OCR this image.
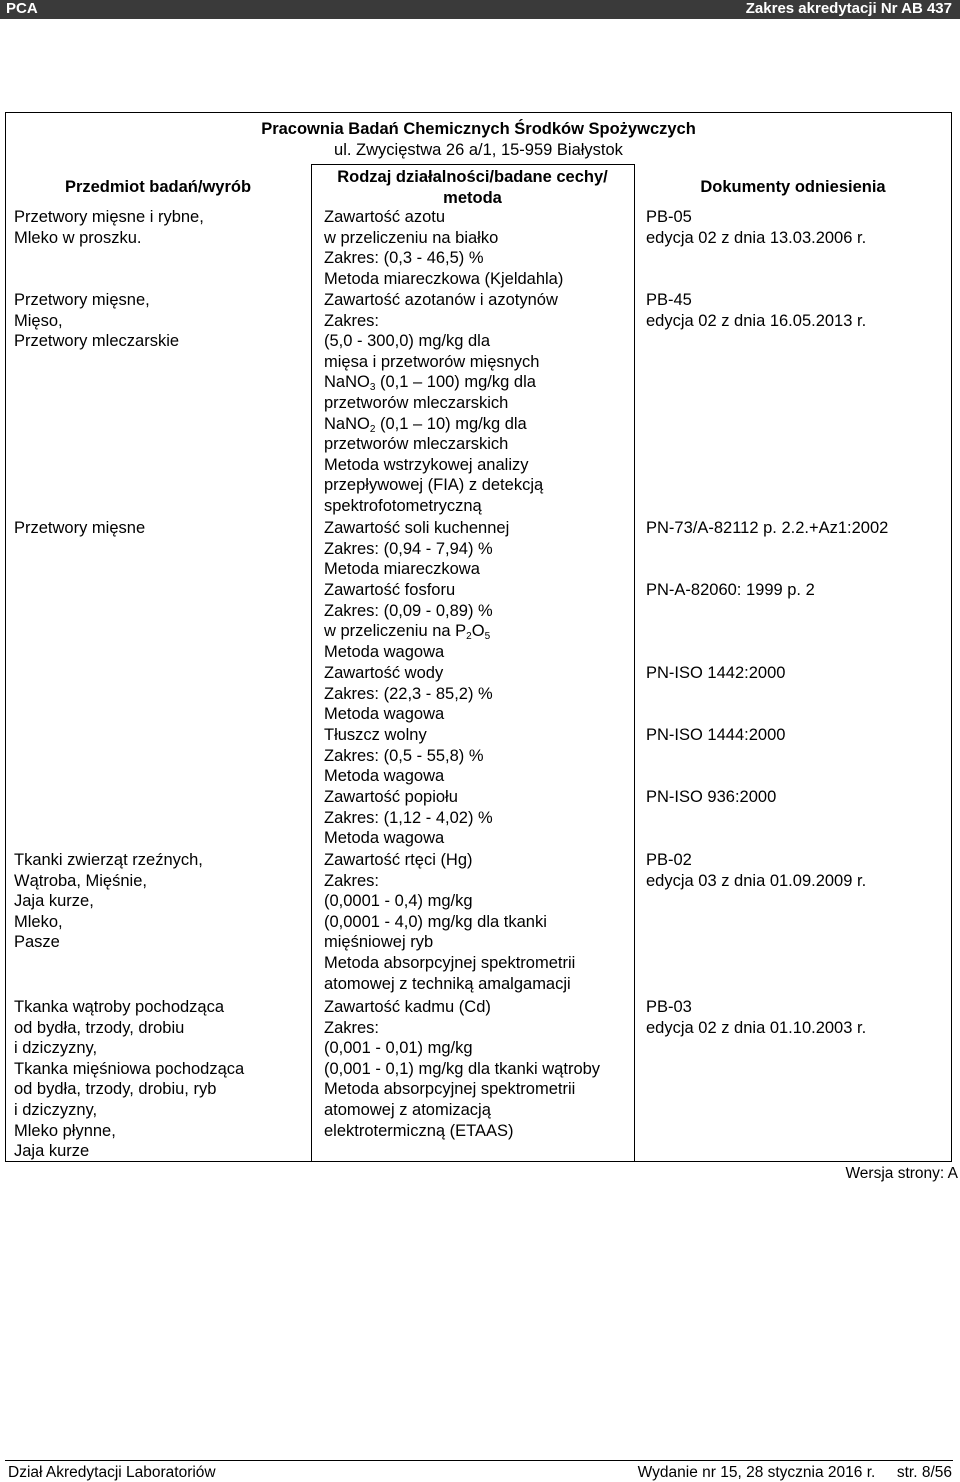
PCA	Zakres akredytacji Nr AB 437
Pracownia Badań Chemicznych Środków Spożywczych
ul. Zwycięstwa 26 a/1, 15-959 Białystok
Przedmiot badań/wyrób
Rodzaj działalności/badane cechy/
metoda
Dokumenty odniesienia
Przetwory mięsne i rybne,
Mleko w proszku.
Przetwory mięsne,
Mięso,
Przetwory mleczarskie
Przetwory mięsne
Tkanki zwierząt rzeźnych,
Wątroba, Mięśnie,
Jaja kurze,
Mleko,
Pasze
Tkanka wątroby pochodząca
od bydła, trzody, drobiu
i dziczyzny,
Tkanka mięśniowa pochodząca
od bydła, trzody, drobiu, ryb
i dziczyzny,
Mleko płynne,
Jaja kurze
Zawartość azotu
w przeliczeniu na białko
Zakres: (0,3 - 46,5) %
Metoda miareczkowa (Kjeldahla)
Zawartość azotanów i azotynów
Zakres:
(5,0 - 300,0) mg/kg dla
mięsa i przetworów mięsnych
NaNO3 (0,1 – 100) mg/kg dla
przetworów mleczarskich
NaNO2 (0,1 – 10) mg/kg dla
przetworów mleczarskich
Metoda wstrzykowej analizy
przepływowej (FIA) z detekcją
spektrofotometryczną
Zawartość soli kuchennej
Zakres: (0,94 - 7,94) %
Metoda miareczkowa
Zawartość fosforu
Zakres: (0,09 - 0,89) %
w przeliczeniu na P2O5
Metoda wagowa
Zawartość wody
Zakres: (22,3 - 85,2) %
Metoda wagowa
Tłuszcz wolny
Zakres: (0,5 - 55,8) %
Metoda wagowa
Zawartość popiołu
Zakres: (1,12 - 4,02) %
Metoda wagowa
Zawartość rtęci (Hg)
Zakres:
(0,0001 - 0,4) mg/kg
(0,0001 - 4,0) mg/kg dla tkanki
mięśniowej ryb
Metoda absorpcyjnej spektrometrii
atomowej z techniką amalgamacji
Zawartość kadmu (Cd)
Zakres:
(0,001 - 0,01) mg/kg
(0,001 - 0,1) mg/kg dla tkanki wątroby
Metoda absorpcyjnej spektrometrii
atomowej z atomizacją
elektrotermiczną (ETAAS)
PB-05
edycja 02 z dnia 13.03.2006 r.
PB-45
edycja 02 z dnia 16.05.2013 r.
PN-73/A-82112 p. 2.2.+Az1:2002
PN-A-82060: 1999 p. 2
PN-ISO 1442:2000
PN-ISO 1444:2000
PN-ISO 936:2000
PB-02
edycja 03 z dnia 01.09.2009 r.
PB-03
edycja 02 z dnia 01.10.2003 r.
Wersja strony: A
Dział Akredytacji Laboratoriów	Wydanie nr 15, 28 stycznia 2016 r.     str. 8/56
